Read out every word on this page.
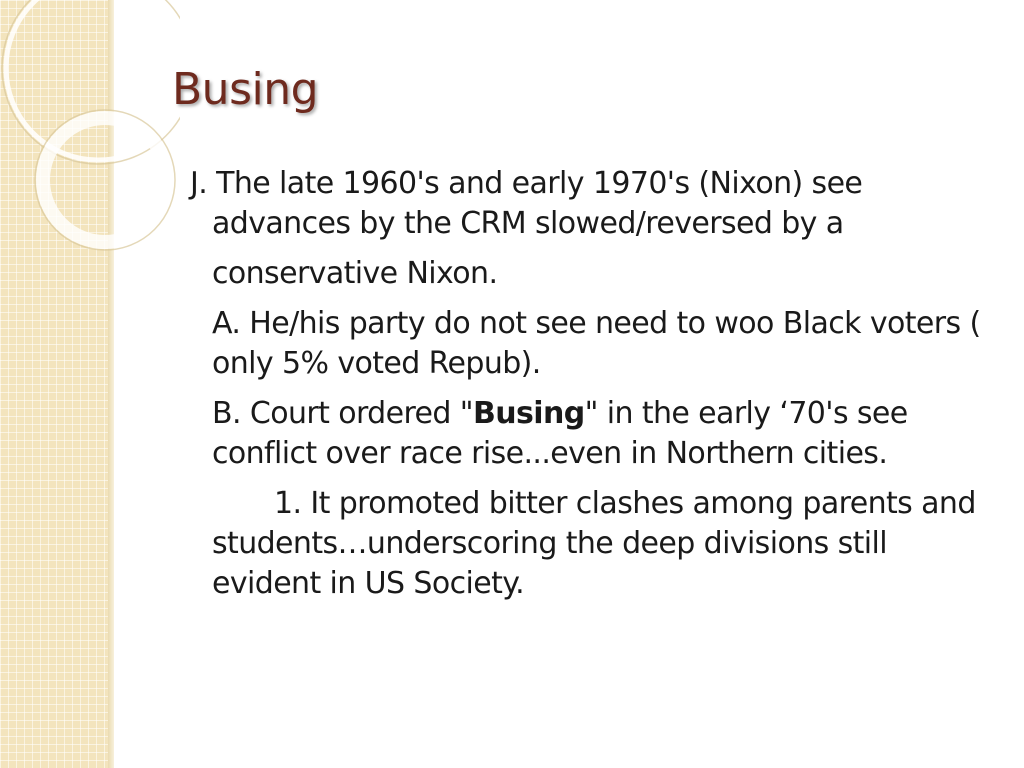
Busing

J. The late 1960's and early 1970's (Nixon) see advances by the CRM slowed/reversed by a
conservative Nixon.

A. He/his party do not see need to woo Black voters ( only 5% voted Repub).

B. Court ordered "Busing" in the early ‘70's see conflict over race rise...even in Northern cities.

1. It promoted bitter clashes among parents and students…underscoring the deep divisions still evident in US Society.
